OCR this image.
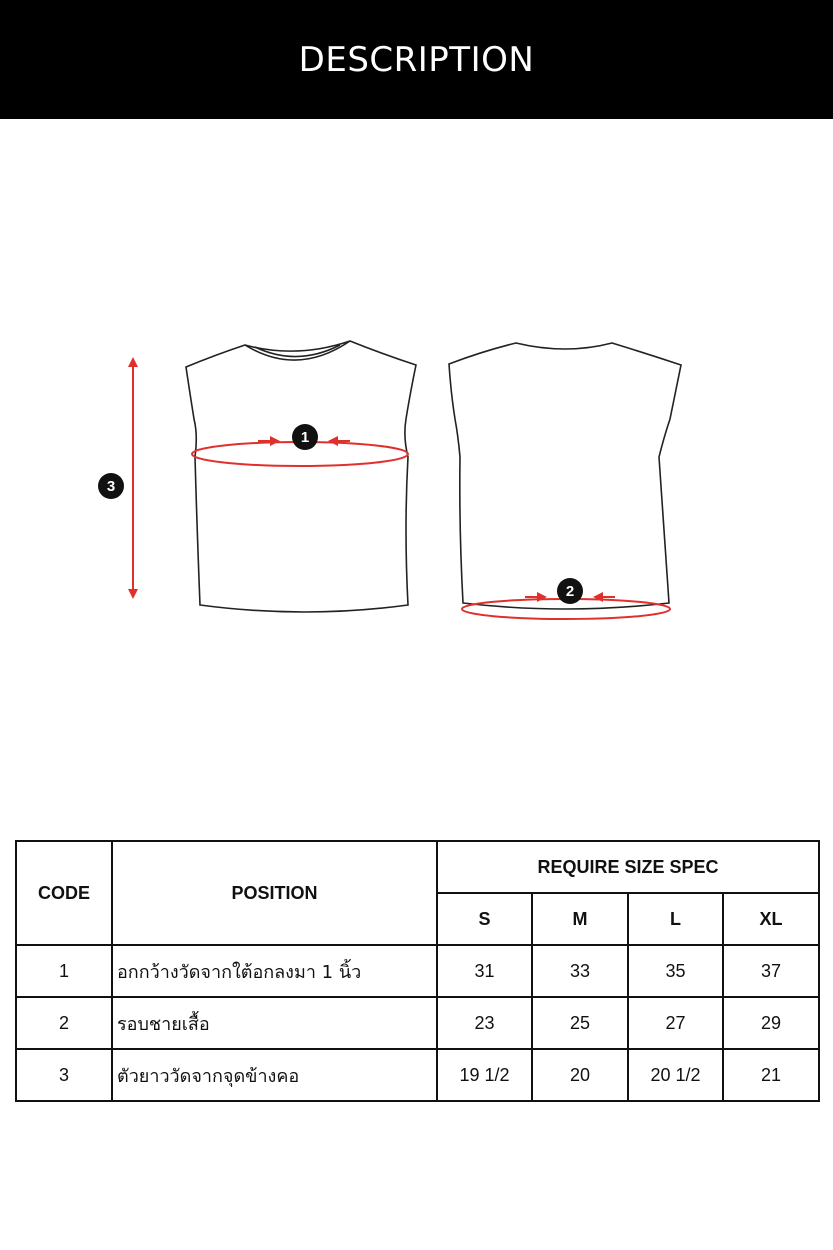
DESCRIPTION
1
2
3
CODE	POSITION	REQUIRE SIZE SPEC			
		S	M	L	XL
1	อกกว้างวัดจากใต้อกลงมา 1 นิ้ว	31	33	35	37
2	รอบชายเสื้อ	23	25	27	29
3	ตัวยาววัดจากจุดข้างคอ	19 1/2	20	20 1/2	21
